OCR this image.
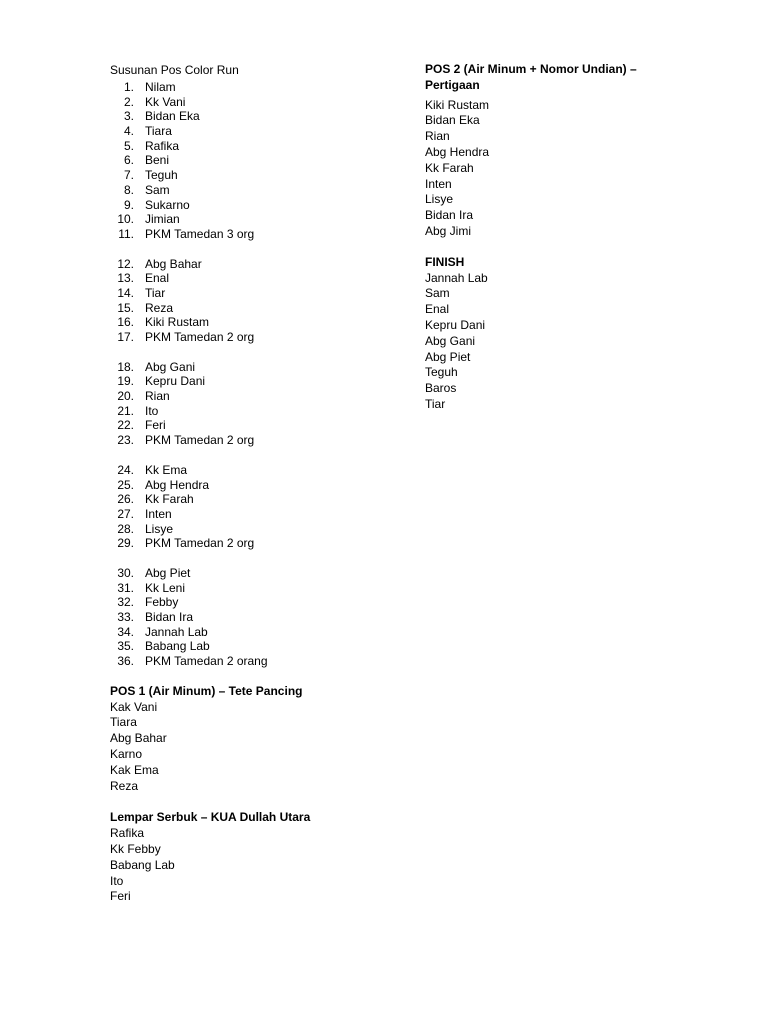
Susunan Pos Color Run

1. Nilam
2. Kk Vani
3. Bidan Eka
4. Tiara
5. Rafika
6. Beni
7. Teguh
8. Sam
9. Sukarno
10. Jimian
11. PKM Tamedan 3 org
12. Abg Bahar
13. Enal
14. Tiar
15. Reza
16. Kiki Rustam
17. PKM Tamedan 2 org
18. Abg Gani
19. Kepru Dani
20. Rian
21. Ito
22. Feri
23. PKM Tamedan 2 org
24. Kk Ema
25. Abg Hendra
26. Kk Farah
27. Inten
28. Lisye
29. PKM Tamedan 2 org
30. Abg Piet
31. Kk Leni
32. Febby
33. Bidan Ira
34. Jannah Lab
35. Babang Lab
36. PKM Tamedan 2 orang

POS 1 (Air Minum) – Tete Pancing

Kak Vani
Tiara
Abg Bahar
Karno
Kak Ema
Reza

Lempar Serbuk – KUA Dullah Utara

Rafika
Kk Febby
Babang Lab
Ito
Feri

POS 2 (Air Minum + Nomor Undian) –

Pertigaan

Kiki Rustam
Bidan Eka
Rian
Abg Hendra
Kk Farah
Inten
Lisye
Bidan Ira
Abg Jimi

FINISH

Jannah Lab
Sam
Enal
Kepru Dani
Abg Gani
Abg Piet
Teguh
Baros
Tiar
